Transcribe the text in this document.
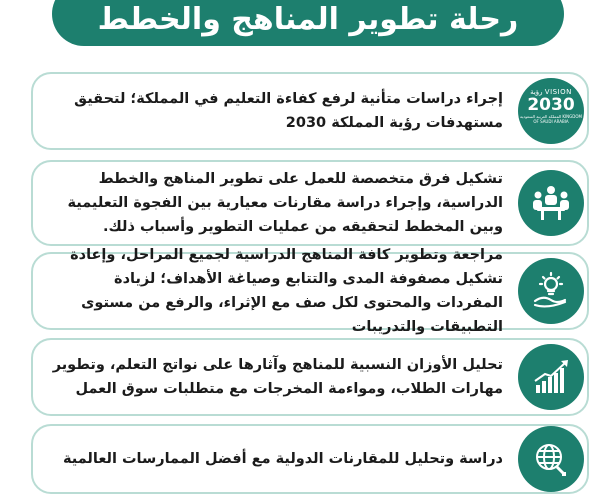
رحلة تطوير المناهج والخطط
رؤية VISION
2030
المملكة العربية السعودية KINGDOM OF SAUDI ARABIA
إجراء دراسات متأنية لرفع كفاءة التعليم في المملكة؛ لتحقيق مستهدفات رؤية المملكة 2030
تشكيل فرق متخصصة للعمل على تطوير المناهج والخطط الدراسية، وإجراء دراسة مقارنات معيارية بين الفجوة التعليمية وبين المخطط لتحقيقه من عمليات التطوير وأسباب ذلك.
مراجعة وتطوير كافة المناهج الدراسية لجميع المراحل، وإعادة تشكيل مصفوفة المدى والتتابع وصياغة الأهداف؛ لزيادة المفردات والمحتوى لكل صف مع الإثراء، والرفع من مستوى التطبيقات والتدريبات
تحليل الأوزان النسبية للمناهج وآثارها على نواتج التعلم، وتطوير مهارات الطلاب، ومواءمة المخرجات مع متطلبات سوق العمل
دراسة وتحليل للمقارنات الدولية مع أفضل الممارسات العالمية
